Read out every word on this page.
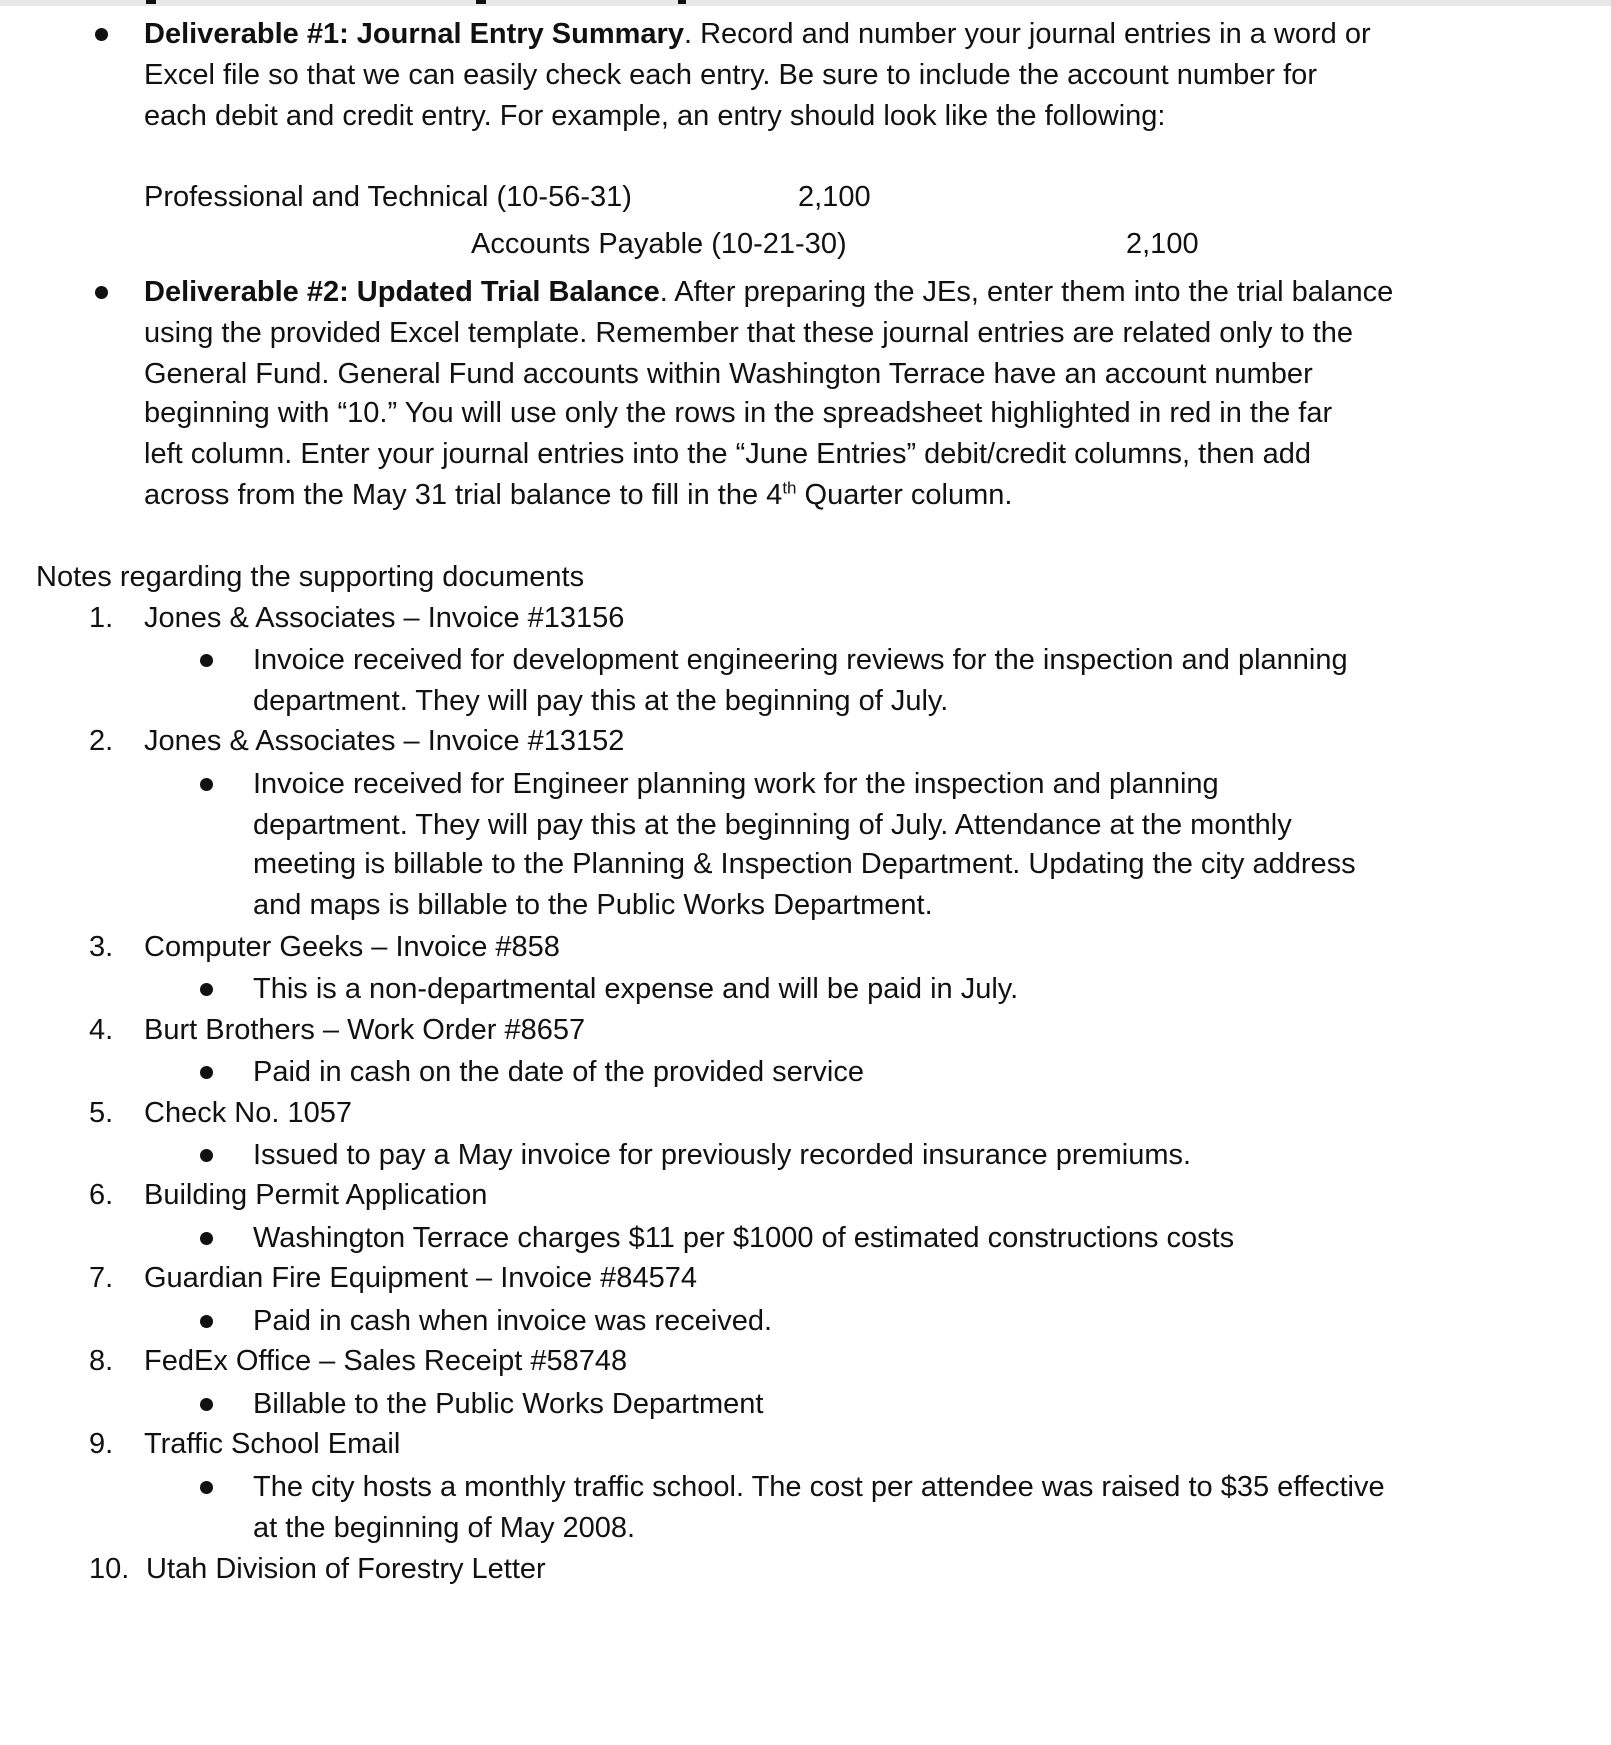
Deliverable #1: Journal Entry Summary. Record and number your journal entries in a word or
Excel file so that we can easily check each entry. Be sure to include the account number for
each debit and credit entry. For example, an entry should look like the following:
Professional and Technical (10-56-31)	2,100
Accounts Payable (10-21-30)	2,100
Deliverable #2: Updated Trial Balance. After preparing the JEs, enter them into the trial balance
using the provided Excel template. Remember that these journal entries are related only to the
General Fund. General Fund accounts within Washington Terrace have an account number
beginning with “10.” You will use only the rows in the spreadsheet highlighted in red in the far
left column. Enter your journal entries into the “June Entries” debit/credit columns, then add
across from the May 31 trial balance to fill in the 4th Quarter column.
Notes regarding the supporting documents
1. Jones & Associates – Invoice #13156
Invoice received for development engineering reviews for the inspection and planning
department. They will pay this at the beginning of July.
2. Jones & Associates – Invoice #13152
Invoice received for Engineer planning work for the inspection and planning
department. They will pay this at the beginning of July. Attendance at the monthly
meeting is billable to the Planning & Inspection Department. Updating the city address
and maps is billable to the Public Works Department.
3. Computer Geeks – Invoice #858
This is a non-departmental expense and will be paid in July.
4. Burt Brothers – Work Order #8657
Paid in cash on the date of the provided service
5. Check No. 1057
Issued to pay a May invoice for previously recorded insurance premiums.
6. Building Permit Application
Washington Terrace charges $11 per $1000 of estimated constructions costs
7. Guardian Fire Equipment – Invoice #84574
Paid in cash when invoice was received.
8. FedEx Office – Sales Receipt #58748
Billable to the Public Works Department
9. Traffic School Email
The city hosts a monthly traffic school. The cost per attendee was raised to $35 effective
at the beginning of May 2008.
10. Utah Division of Forestry Letter
